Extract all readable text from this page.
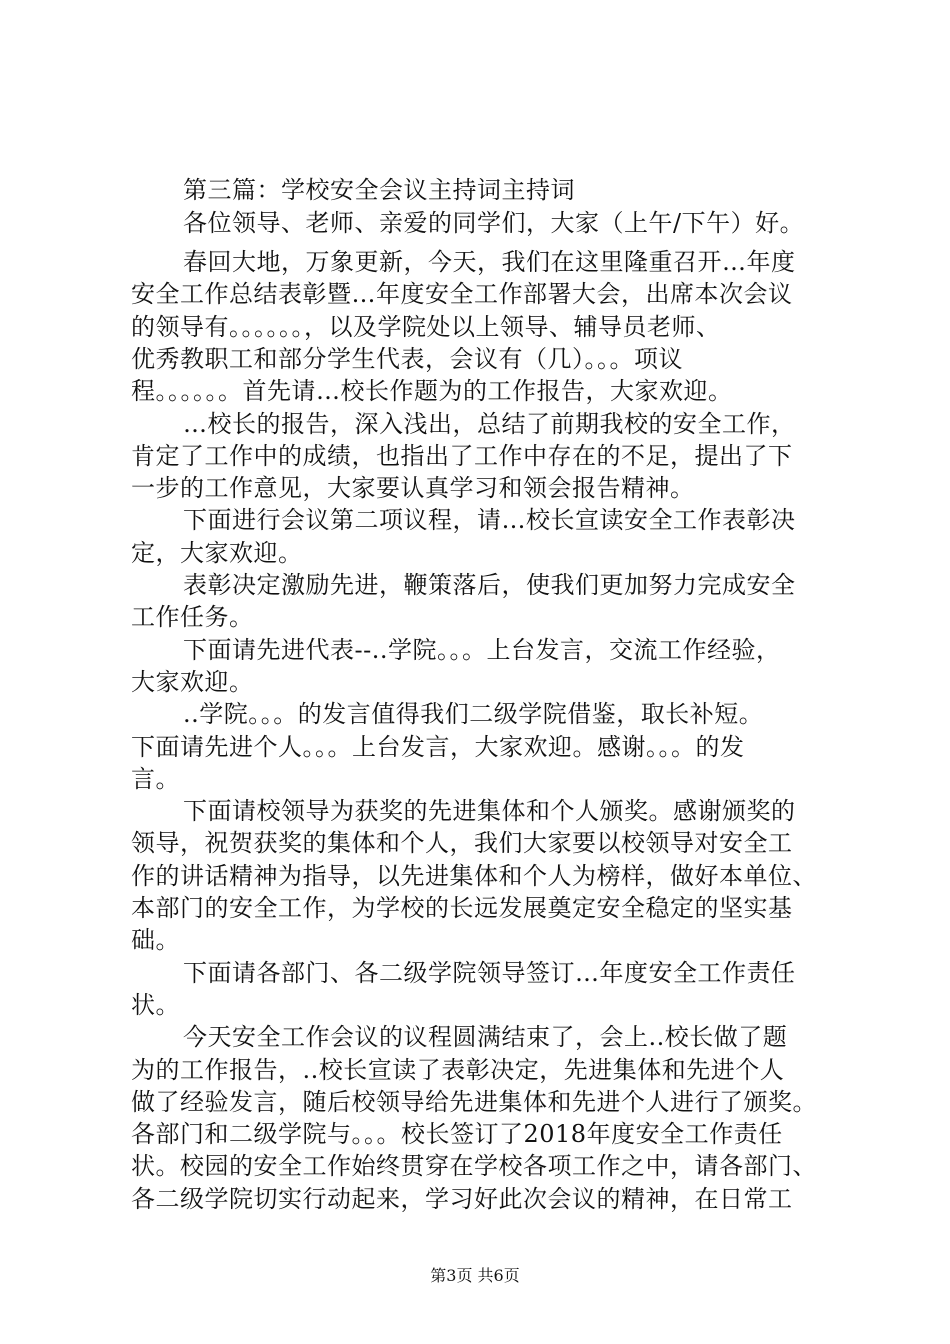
第三篇：学校安全会议主持词主持词
各位领导、老师、亲爱的同学们，大家（上午/下午）好。
春回大地，万象更新，今天，我们在这里隆重召开…年度
安全工作总结表彰暨…年度安全工作部署大会，出席本次会议
的领导有。。。。。。，以及学院处以上领导、辅导员老师、
优秀教职工和部分学生代表，会议有（几）。。。项议
程。。。。。。首先请…校长作题为的工作报告，大家欢迎。
…校长的报告，深入浅出，总结了前期我校的安全工作，
肯定了工作中的成绩，也指出了工作中存在的不足，提出了下
一步的工作意见，大家要认真学习和领会报告精神。
下面进行会议第二项议程，请…校长宣读安全工作表彰决
定，大家欢迎。
表彰决定激励先进，鞭策落后，使我们更加努力完成安全
工作任务。
下面请先进代表--..学院。。。上台发言，交流工作经验，
大家欢迎。
..学院。。。的发言值得我们二级学院借鉴，取长补短。
下面请先进个人。。。上台发言，大家欢迎。感谢。。。的发
言。
下面请校领导为获奖的先进集体和个人颁奖。感谢颁奖的
领导，祝贺获奖的集体和个人，我们大家要以校领导对安全工
作的讲话精神为指导，以先进集体和个人为榜样，做好本单位、
本部门的安全工作，为学校的长远发展奠定安全稳定的坚实基
础。
下面请各部门、各二级学院领导签订…年度安全工作责任
状。
今天安全工作会议的议程圆满结束了，会上..校长做了题
为的工作报告，..校长宣读了表彰决定，先进集体和先进个人
做了经验发言，随后校领导给先进集体和先进个人进行了颁奖。
各部门和二级学院与。。。校长签订了2018年度安全工作责任
状。校园的安全工作始终贯穿在学校各项工作之中，请各部门、
各二级学院切实行动起来，学习好此次会议的精神，在日常工
第3页 共6页
